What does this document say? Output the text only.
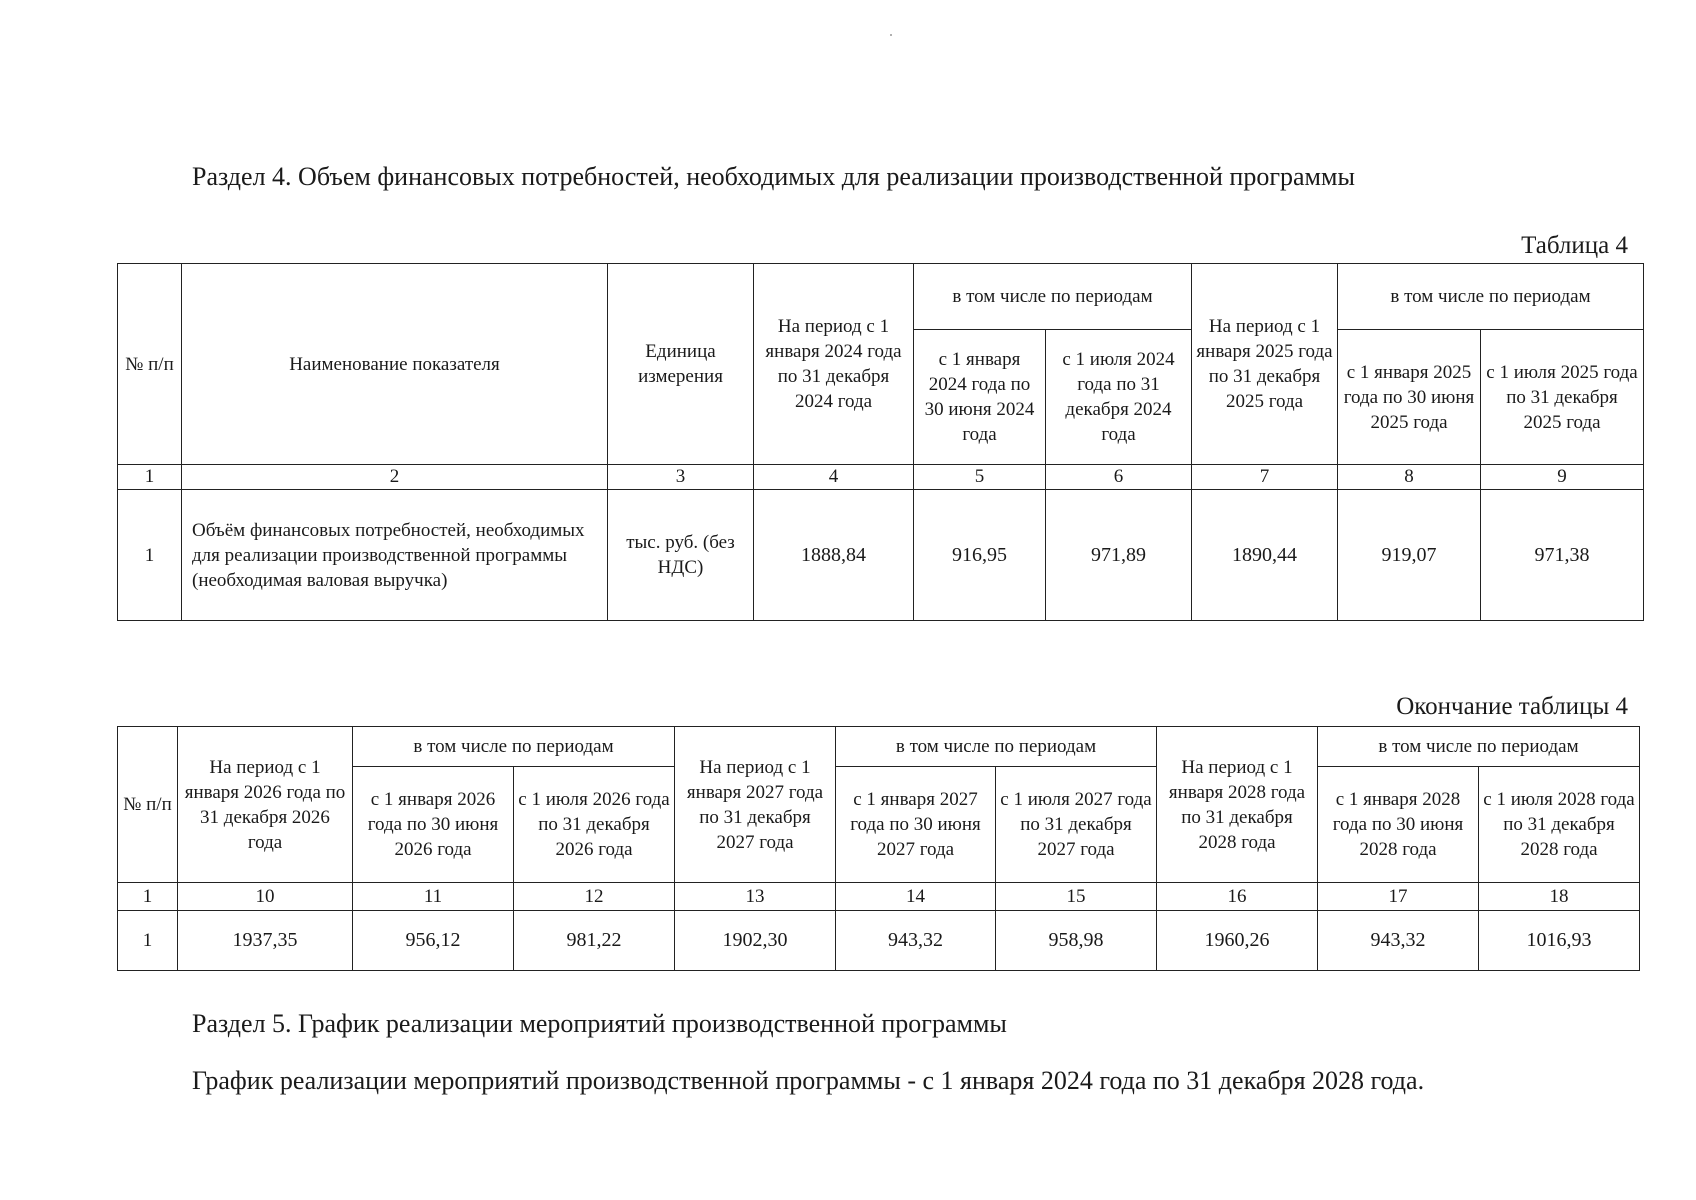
Раздел 4. Объем финансовых потребностей, необходимых для реализации производственной программы
Таблица 4
№ п/п	Наименование показателя	Единица измерения	На период с 1 января 2024 года по 31 декабря 2024 года	в том числе по периодам		На период с 1 января 2025 года по 31 декабря 2025 года	в том числе по периодам	
				с 1 января 2024 года по 30 июня 2024 года	с 1 июля 2024 года по 31 декабря 2024 года		с 1 января 2025 года по 30 июня 2025 года	с 1 июля 2025 года по 31 декабря 2025 года
1	2	3	4	5	6	7	8	9
1	Объём финансовых потребностей, необходимых для реализации производственной программы (необходимая валовая выручка)	тыс. руб. (без НДС)	1888,84	916,95	971,89	1890,44	919,07	971,38
Окончание таблицы 4
№ п/п	На период с 1 января 2026 года по 31 декабря 2026 года	в том числе по периодам		На период с 1 января 2027 года по 31 декабря 2027 года	в том числе по периодам		На период с 1 января 2028 года по 31 декабря 2028 года	в том числе по периодам	
		с 1 января 2026 года по 30 июня 2026 года	с 1 июля 2026 года по 31 декабря 2026 года		с 1 января 2027 года по 30 июня 2027 года	с 1 июля 2027 года по 31 декабря 2027 года		с 1 января 2028 года по 30 июня 2028 года	с 1 июля 2028 года по 31 декабря 2028 года
1	10	11	12	13	14	15	16	17	18
1	1937,35	956,12	981,22	1902,30	943,32	958,98	1960,26	943,32	1016,93
Раздел 5. График реализации мероприятий производственной программы
График реализации мероприятий производственной программы - с 1 января 2024 года по 31 декабря 2028 года.
